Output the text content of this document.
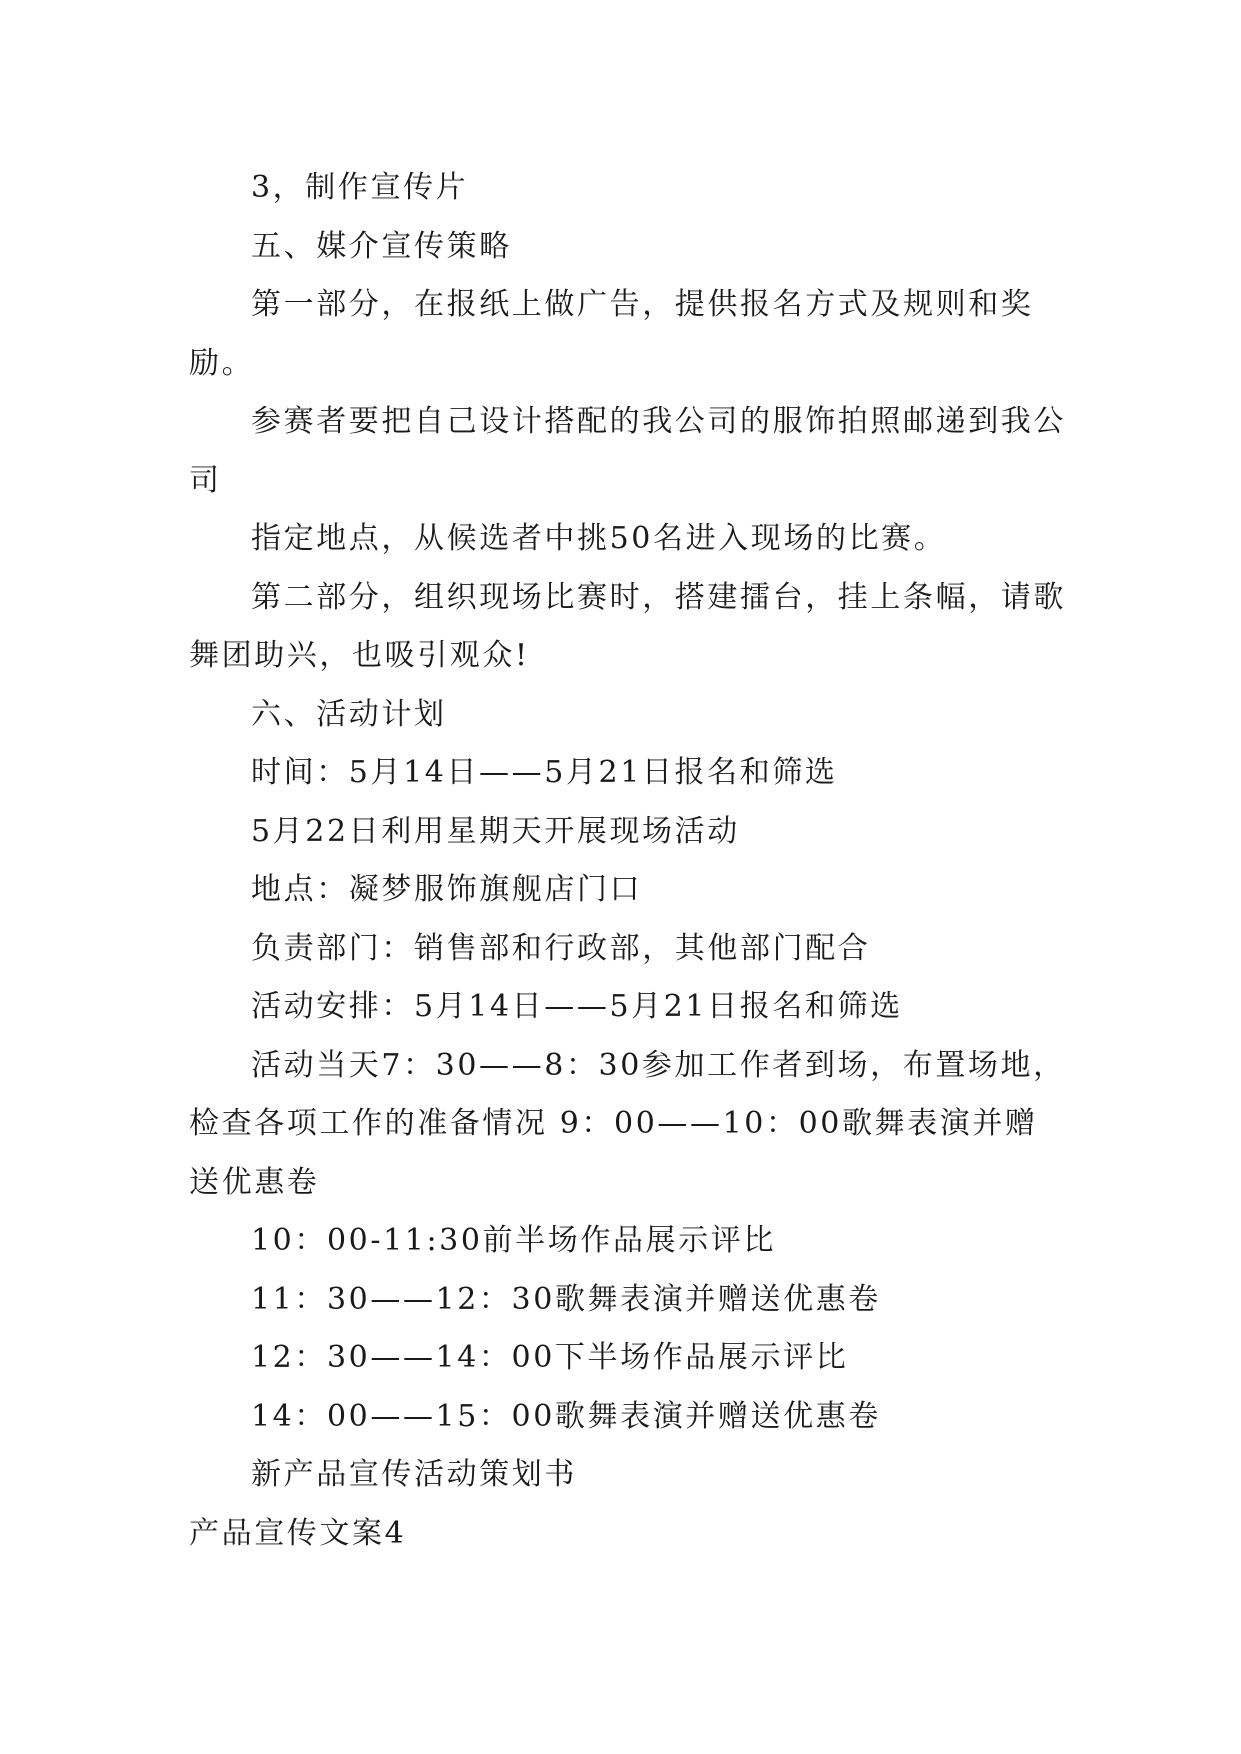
3，制作宣传片

五、媒介宣传策略

第一部分，在报纸上做广告，提供报名方式及规则和奖励。

参赛者要把自己设计搭配的我公司的服饰拍照邮递到我公司

指定地点，从候选者中挑50名进入现场的比赛。

第二部分，组织现场比赛时，搭建擂台，挂上条幅，请歌舞团助兴，也吸引观众!

六、活动计划

时间：5月14日——5月21日报名和筛选

5月22日利用星期天开展现场活动

地点：凝梦服饰旗舰店门口

负责部门：销售部和行政部，其他部门配合

活动安排：5月14日——5月21日报名和筛选

活动当天7：30——8：30参加工作者到场，布置场地，检查各项工作的准备情况 9：00——10：00歌舞表演并赠送优惠卷

10：00-11:30前半场作品展示评比

11：30——12：30歌舞表演并赠送优惠卷

12：30——14：00下半场作品展示评比

14：00——15：00歌舞表演并赠送优惠卷

新产品宣传活动策划书

产品宣传文案4
